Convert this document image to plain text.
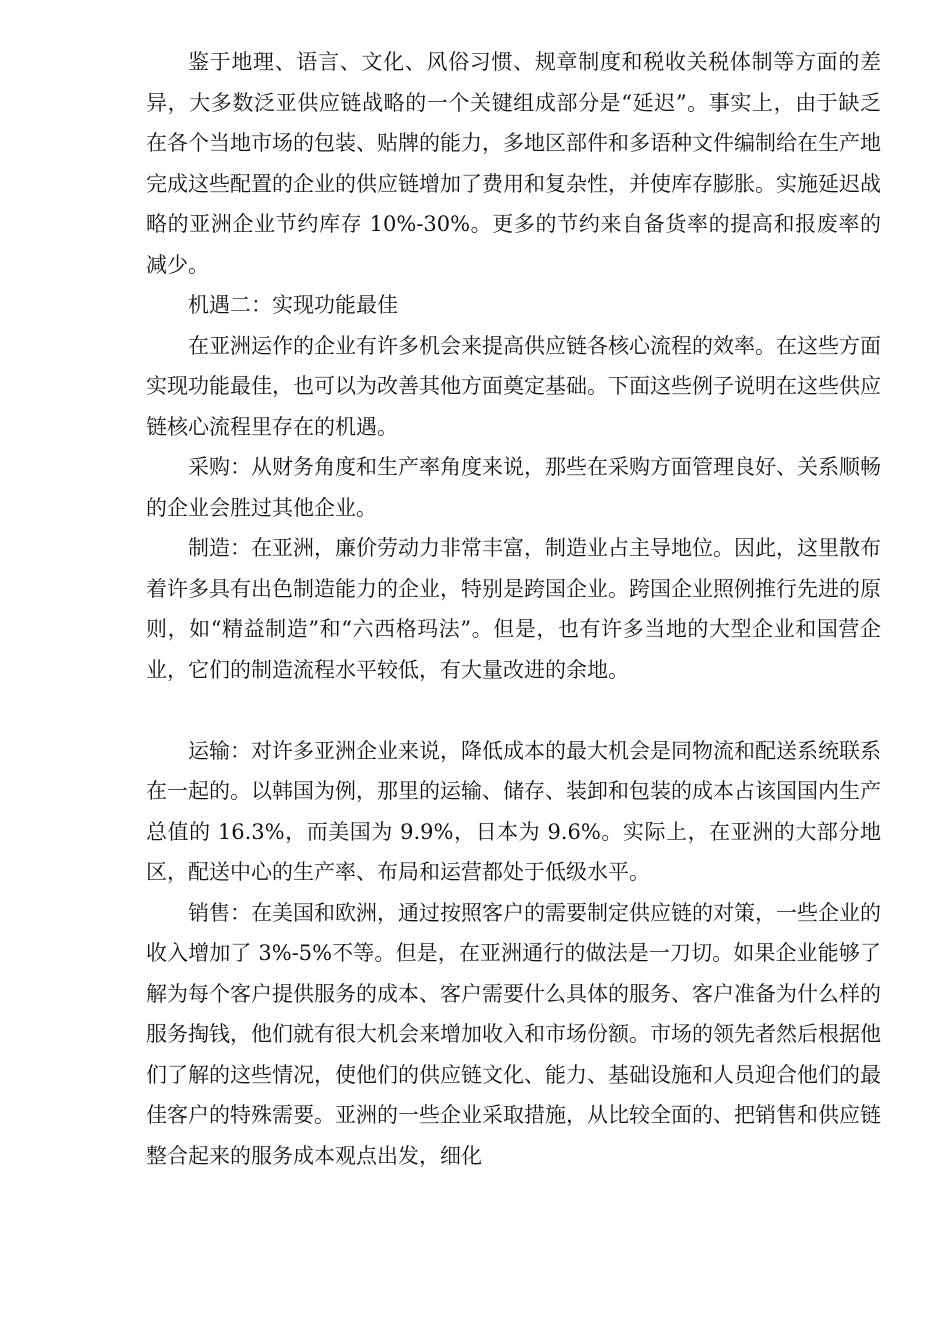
鉴于地理、语言、文化、风俗习惯、规章制度和税收关税体制等方面的差异，大多数泛亚供应链战略的一个关键组成部分是“延迟”。事实上，由于缺乏在各个当地市场的包装、贴牌的能力，多地区部件和多语种文件编制给在生产地完成这些配置的企业的供应链增加了费用和复杂性，并使库存膨胀。实施延迟战略的亚洲企业节约库存 10%-30%。更多的节约来自备货率的提高和报废率的减少。

机遇二：实现功能最佳

在亚洲运作的企业有许多机会来提高供应链各核心流程的效率。在这些方面实现功能最佳，也可以为改善其他方面奠定基础。下面这些例子说明在这些供应链核心流程里存在的机遇。

采购：从财务角度和生产率角度来说，那些在采购方面管理良好、关系顺畅的企业会胜过其他企业。

制造：在亚洲，廉价劳动力非常丰富，制造业占主导地位。因此，这里散布着许多具有出色制造能力的企业，特别是跨国企业。跨国企业照例推行先进的原则，如“精益制造”和“六西格玛法”。但是，也有许多当地的大型企业和国营企业，它们的制造流程水平较低，有大量改进的余地。

运输：对许多亚洲企业来说，降低成本的最大机会是同物流和配送系统联系在一起的。以韩国为例，那里的运输、储存、装卸和包装的成本占该国国内生产总值的 16.3%，而美国为 9.9%，日本为 9.6%。实际上，在亚洲的大部分地区，配送中心的生产率、布局和运营都处于低级水平。

销售：在美国和欧洲，通过按照客户的需要制定供应链的对策，一些企业的收入增加了 3%-5%不等。但是，在亚洲通行的做法是一刀切。如果企业能够了解为每个客户提供服务的成本、客户需要什么具体的服务、客户准备为什么样的服务掏钱，他们就有很大机会来增加收入和市场份额。市场的领先者然后根据他们了解的这些情况，使他们的供应链文化、能力、基础设施和人员迎合他们的最佳客户的特殊需要。亚洲的一些企业采取措施，从比较全面的、把销售和供应链整合起来的服务成本观点出发，细化
